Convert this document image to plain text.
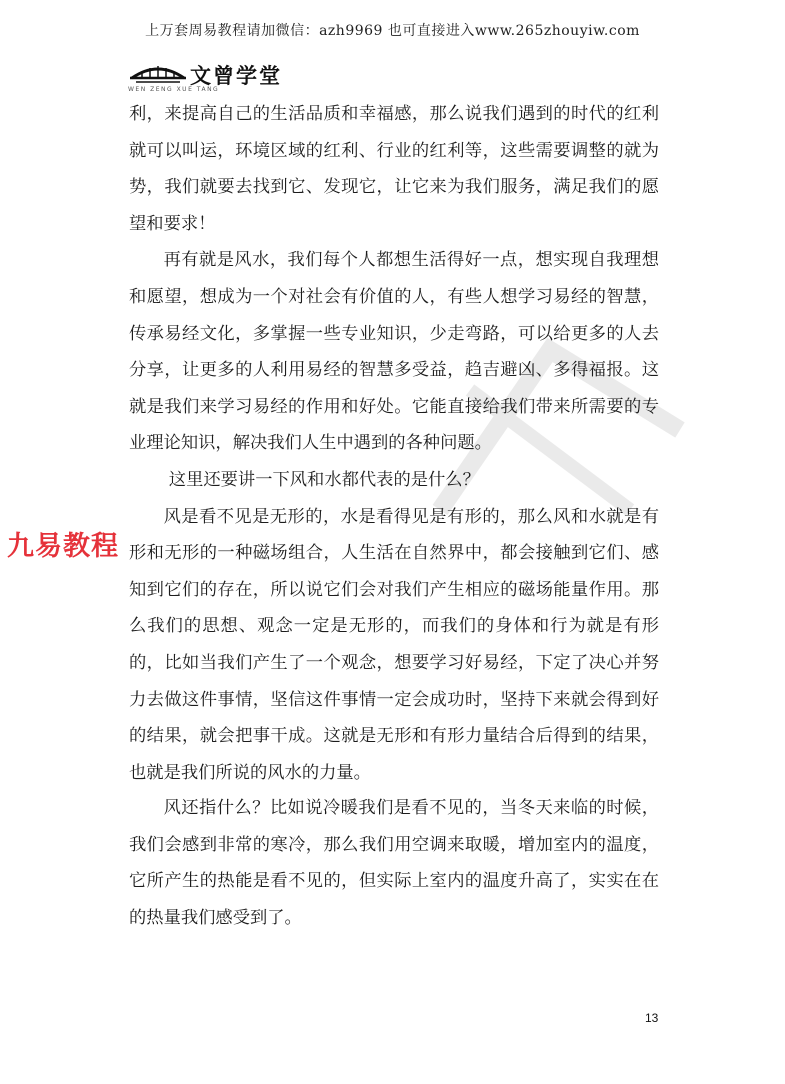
上万套周易教程请加微信：azh9969 也可直接进入www.265zhouyiw.com
文曾学堂
WEN ZENG XUE TANG

利，来提高自己的生活品质和幸福感，那么说我们遇到的时代的红利就可以叫运，环境区域的红利、行业的红利等，这些需要调整的就为势，我们就要去找到它、发现它，让它来为我们服务，满足我们的愿望和要求！

再有就是风水，我们每个人都想生活得好一点，想实现自我理想和愿望，想成为一个对社会有价值的人，有些人想学习易经的智慧，传承易经文化，多掌握一些专业知识，少走弯路，可以给更多的人去分享，让更多的人利用易经的智慧多受益，趋吉避凶、多得福报。这就是我们来学习易经的作用和好处。它能直接给我们带来所需要的专业理论知识，解决我们人生中遇到的各种问题。

这里还要讲一下风和水都代表的是什么？

风是看不见是无形的，水是看得见是有形的，那么风和水就是有形和无形的一种磁场组合，人生活在自然界中，都会接触到它们、感知到它们的存在，所以说它们会对我们产生相应的磁场能量作用。那么我们的思想、观念一定是无形的，而我们的身体和行为就是有形的，比如当我们产生了一个观念，想要学习好易经，下定了决心并努力去做这件事情，坚信这件事情一定会成功时，坚持下来就会得到好的结果，就会把事干成。这就是无形和有形力量结合后得到的结果，也就是我们所说的风水的力量。

风还指什么？比如说冷暖我们是看不见的，当冬天来临的时候，我们会感到非常的寒冷，那么我们用空调来取暖，增加室内的温度，它所产生的热能是看不见的，但实际上室内的温度升高了，实实在在的热量我们感受到了。

九易教程
13
